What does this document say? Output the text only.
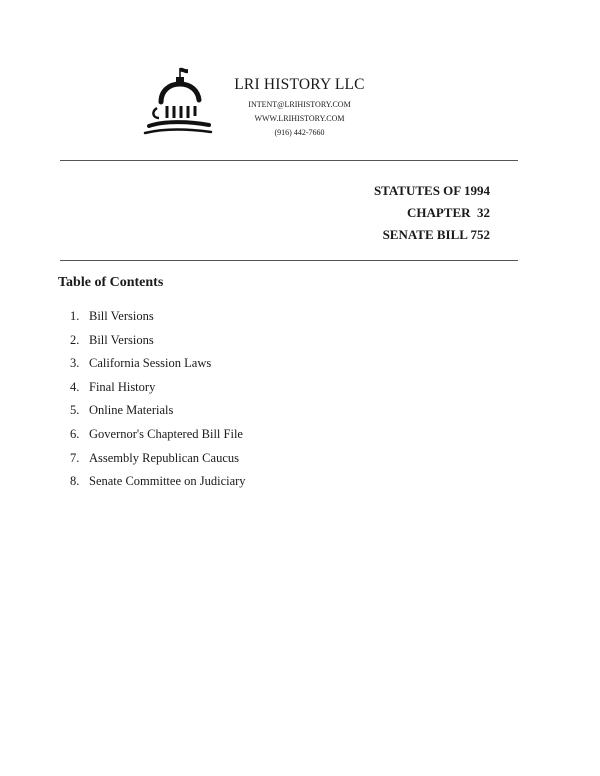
LRI HISTORY LLC

INTENT@LRIHISTORY.COM

WWW.LRIHISTORY.COM

(916) 442-7660

STATUTES OF 1994
CHAPTER  32
SENATE BILL 752
Table of Contents
1. Bill Versions
2. Bill Versions
3. California Session Laws
4. Final History
5. Online Materials
6. Governor's Chaptered Bill File
7. Assembly Republican Caucus
8. Senate Committee on Judiciary
